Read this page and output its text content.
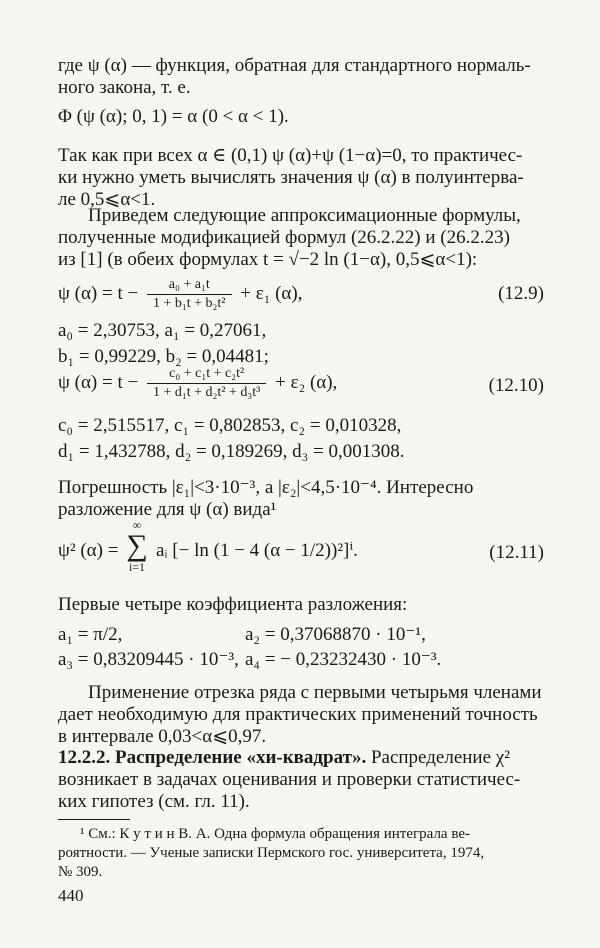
где ψ (α) — функция, обратная для стандартного нормаль-
ного закона, т. е.
Φ (ψ (α); 0, 1) = α (0 < α < 1).
Так как при всех α ∈ (0,1) ψ (α)+ψ (1−α)=0, то практичес-
ки нужно уметь вычислять значения ψ (α) в полуинтерва-
ле 0,5⩽α<1.
Приведем следующие аппроксимационные формулы,
полученные модификацией формул (26.2.22) и (26.2.23)
из [1] (в обеих формулах t = √−2 ln (1−α), 0,5⩽α<1):
ψ $(\alpha) = t - \frac{\text{a₀ + a₁t}}{\text{1 + b₁t + b₂t²}} + \varepsilon_1$ (α),	(12.9)
a₀ = 2,30753, a₁ = 0,27061,
b₁ = 0,99229, b₂ = 0,04481;
ψ $(\alpha) = t - \frac{\text{c₀ + c₁t + c₂t²}}{\text{1 + d₁t + d₂t² + d₃t³}} + \varepsilon_2$ (α),	(12.10)
c₀ = 2,515517, c₁ = 0,802853, c₂ = 0,010328,
d₁ = 1,432788, d₂ = 0,189269, d₃ = 0,001308.
Погрешность |ε₁|<3·10⁻³, а |ε₂|<4,5·10⁻⁴. Интересно
разложение для ψ (α) вида¹
ψ² (α) =
∞
∑
i=1
aᵢ [− ln (1 − 4 (α − 1/2))²]ⁱ.	(12.11)
Первые четыре коэффициента разложения:
a₁ = π/2,	a₂ = 0,37068870 · 10⁻¹,
a₃ = 0,83209445 · 10⁻³, a₄ = − 0,23232430 · 10⁻³.
Применение отрезка ряда с первыми четырьмя членами
дает необходимую для практических применений точность
в интервале 0,03<α⩽0,97.
12.2.2. Распределение «хи-квадрат». Распределение χ²
возникает в задачах оценивания и проверки статистичес-
ких гипотез (см. гл. 11).
¹ См.: К у т и н В. А. Одна формула обращения интеграла ве-
роятности. — Ученые записки Пермского гос. университета, 1974,
№ 309.
440
